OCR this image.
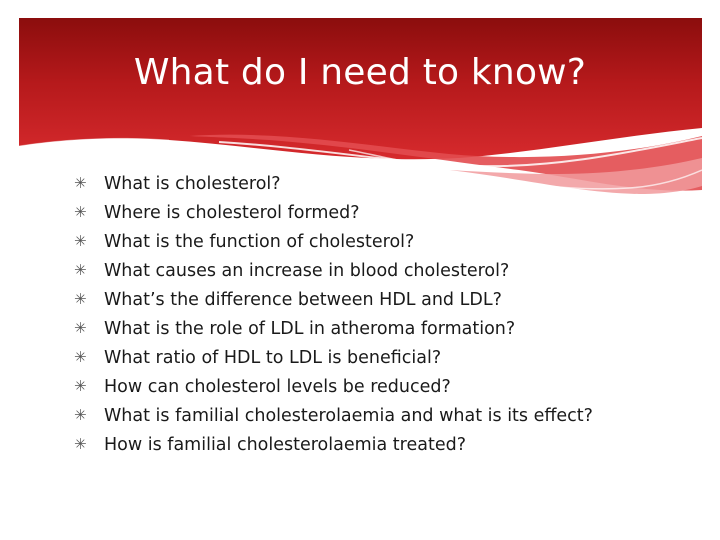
What do I need to know?
✳ What is cholesterol?
✳ Where is cholesterol formed?
✳ What is the function of cholesterol?
✳ What causes an increase in blood cholesterol?
✳ What’s the difference between HDL and LDL?
✳ What is the role of LDL in atheroma formation?
✳ What ratio of HDL to LDL is beneficial?
✳ How can cholesterol levels be reduced?
✳ What is familial cholesterolaemia and what is its effect?
✳ How is familial cholesterolaemia treated?
